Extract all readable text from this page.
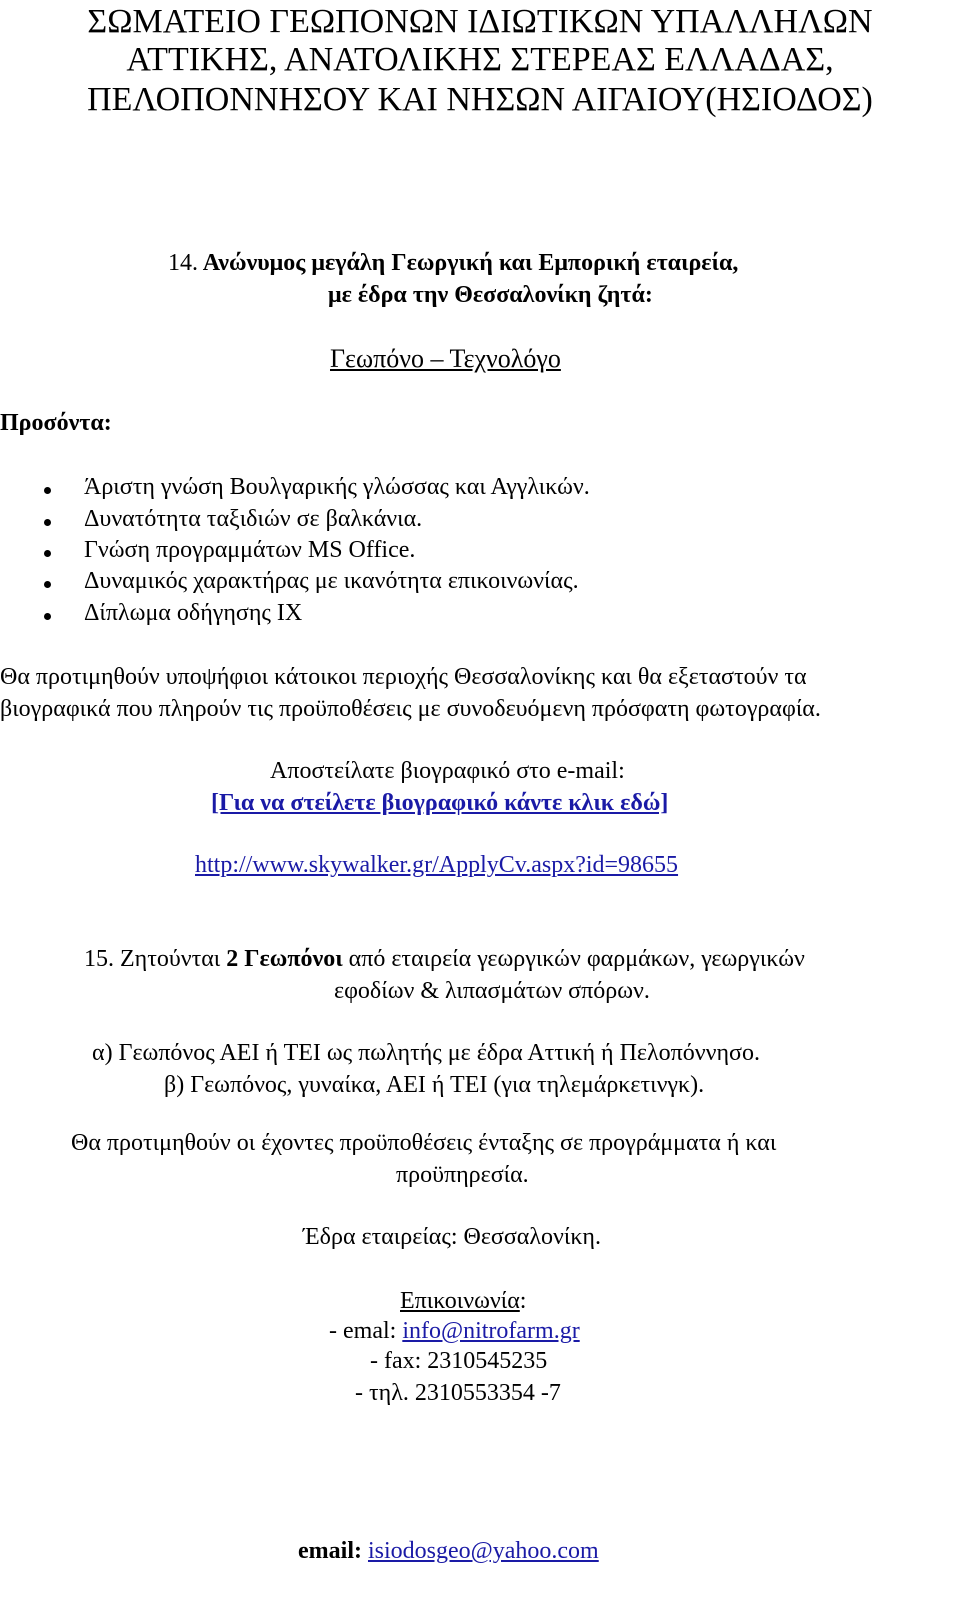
ΣΩΜΑΤΕΙΟ ΓΕΩΠΟΝΩΝ ΙΔΙΩΤΙΚΩΝ ΥΠΑΛΛΗΛΩΝ
ΑΤΤΙΚΗΣ, ΑΝΑΤΟΛΙΚΗΣ ΣΤΕΡΕΑΣ ΕΛΛΑΔΑΣ,
ΠΕΛΟΠΟΝΝΗΣΟΥ ΚΑΙ ΝΗΣΩΝ ΑΙΓΑΙΟΥ(ΗΣΙΟΔΟΣ)
14. Ανώνυμος μεγάλη Γεωργική και Εμπορική εταιρεία,
με έδρα την Θεσσαλονίκη ζητά:
Γεωπόνο – Τεχνολόγο
Προσόντα:
Άριστη γνώση Βουλγαρικής γλώσσας και Αγγλικών.
Δυνατότητα ταξιδιών σε βαλκάνια.
Γνώση προγραμμάτων MS Office.
Δυναμικός χαρακτήρας με ικανότητα επικοινωνίας.
Δίπλωμα οδήγησης ΙΧ
Θα προτιμηθούν υποψήφιοι κάτοικοι περιοχής Θεσσαλονίκης και θα εξεταστούν τα
βιογραφικά που πληρούν τις προϋποθέσεις με συνοδευόμενη πρόσφατη φωτογραφία.
Αποστείλατε βιογραφικό στο e-mail:
[Για να στείλετε βιογραφικό κάντε κλικ εδώ]
http://www.skywalker.gr/ApplyCv.aspx?id=98655
15. Ζητούνται 2 Γεωπόνοι από εταιρεία γεωργικών φαρμάκων, γεωργικών
εφοδίων & λιπασμάτων σπόρων.
α) Γεωπόνος ΑΕΙ ή ΤΕΙ ως πωλητής με έδρα Αττική ή Πελοπόννησο.
β) Γεωπόνος, γυναίκα, ΑΕΙ ή ΤΕΙ (για τηλεμάρκετινγκ).
Θα προτιμηθούν οι έχοντες προϋποθέσεις ένταξης σε προγράμματα ή και
προϋπηρεσία.
Έδρα εταιρείας: Θεσσαλονίκη.
Επικοινωνία:
- emal: info@nitrofarm.gr
- fax: 2310545235
- τηλ. 2310553354 -7
email: isiodosgeo@yahoo.com
